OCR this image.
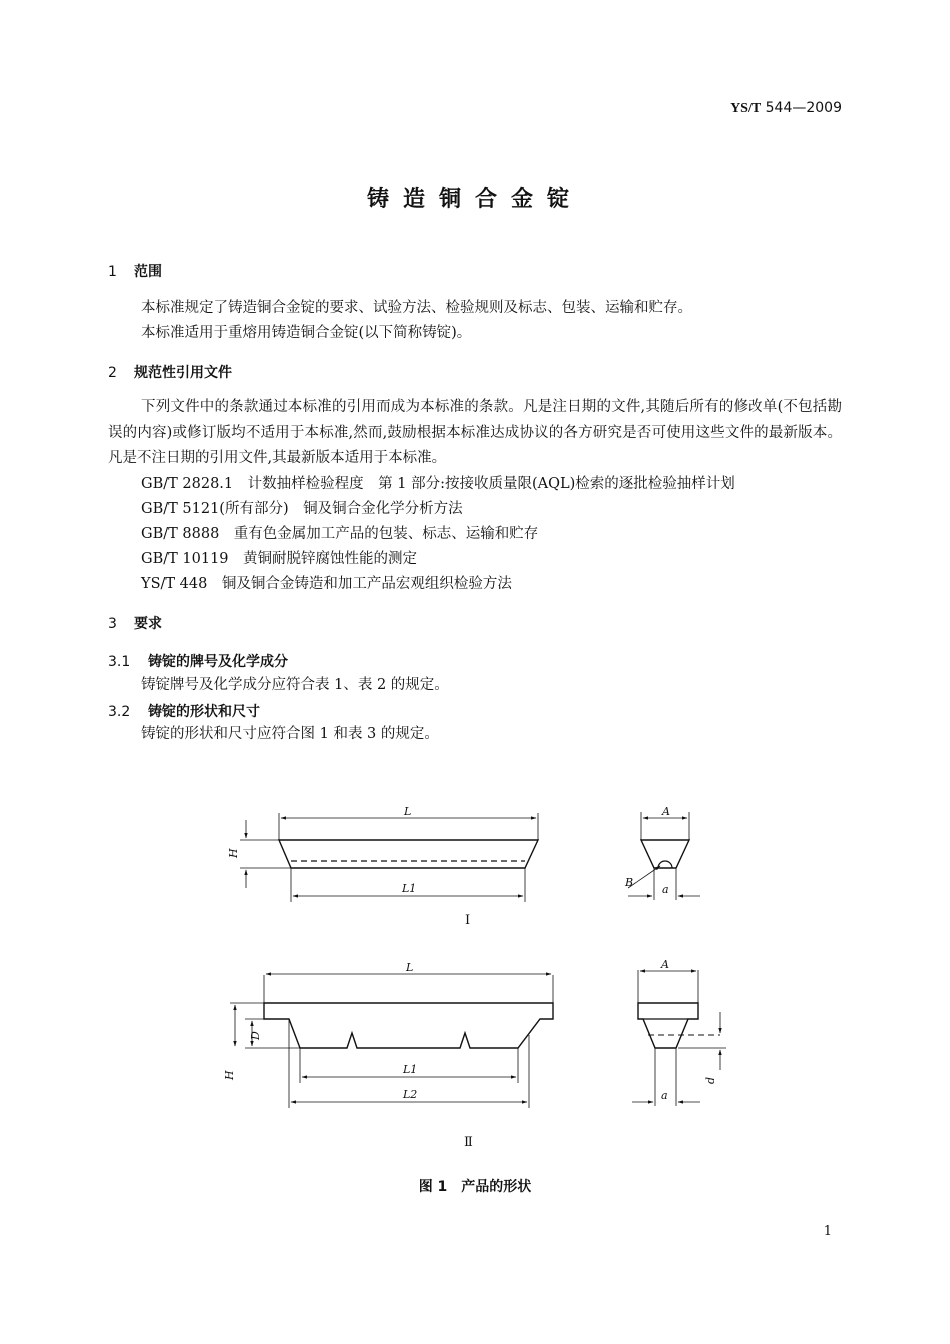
YS/T 544—2009
铸造铜合金锭
1 范围
本标准规定了铸造铜合金锭的要求、试验方法、检验规则及标志、包装、运输和贮存。
本标准适用于重熔用铸造铜合金锭(以下简称铸锭)。
2 规范性引用文件
下列文件中的条款通过本标准的引用而成为本标准的条款。凡是注日期的文件,其随后所有的修改单(不包括勘误的内容)或修订版均不适用于本标准,然而,鼓励根据本标准达成协议的各方研究是否可使用这些文件的最新版本。凡是不注日期的引用文件,其最新版本适用于本标准。
GB/T 2828.1　计数抽样检验程度　第 1 部分:按接收质量限(AQL)检索的逐批检验抽样计划
GB/T 5121(所有部分)　铜及铜合金化学分析方法
GB/T 8888　重有色金属加工产品的包装、标志、运输和贮存
GB/T 10119　黄铜耐脱锌腐蚀性能的测定
YS/T 448　铜及铜合金铸造和加工产品宏观组织检验方法
3 要求
3.1 铸锭的牌号及化学成分
铸锭牌号及化学成分应符合表 1、表 2 的规定。
3.2 铸锭的形状和尺寸
铸锭的形状和尺寸应符合图 1 和表 3 的规定。
L
L1
H
A
a
B
Ⅰ
L
L1
L2
H
D
A
a
d
Ⅱ
图 1　产品的形状
1
